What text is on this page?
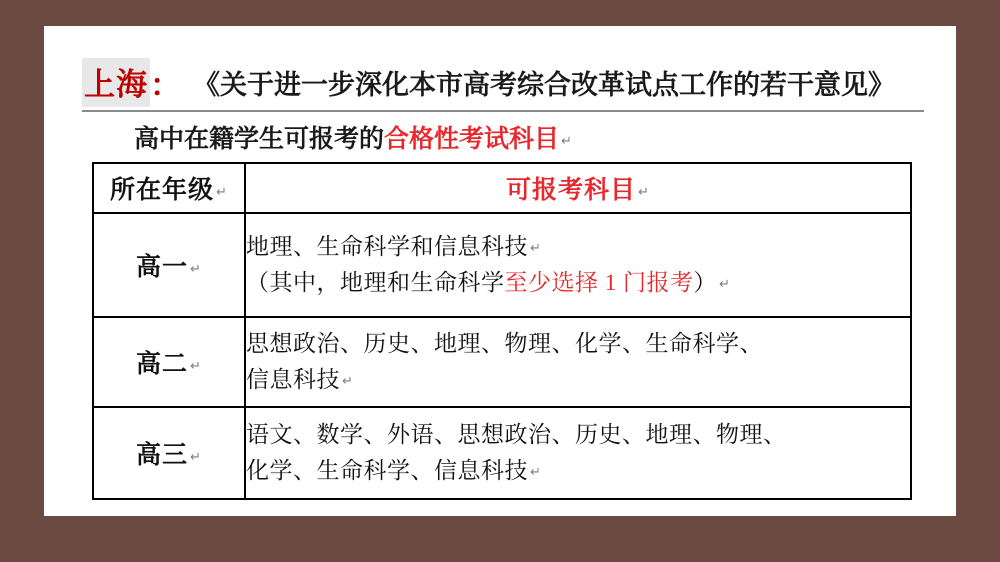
上海 ： 《关于进一步深化本市高考综合改革试点工作的若干意见》
高中在籍学生可报考的 合格性考试科目 ↵
所在年级 ↵	可报考科目 ↵
高一 ↵	地理、生命科学和信息科技 ↵
（其中，地理和生命科学至少选择 1 门报考） ↵

高二 ↵	思想政治、历史、地理、物理、化学、生命科学、
信息科技 ↵

高三 ↵	语文、数学、外语、思想政治、历史、地理、物理、
化学、生命科学、信息科技 ↵
